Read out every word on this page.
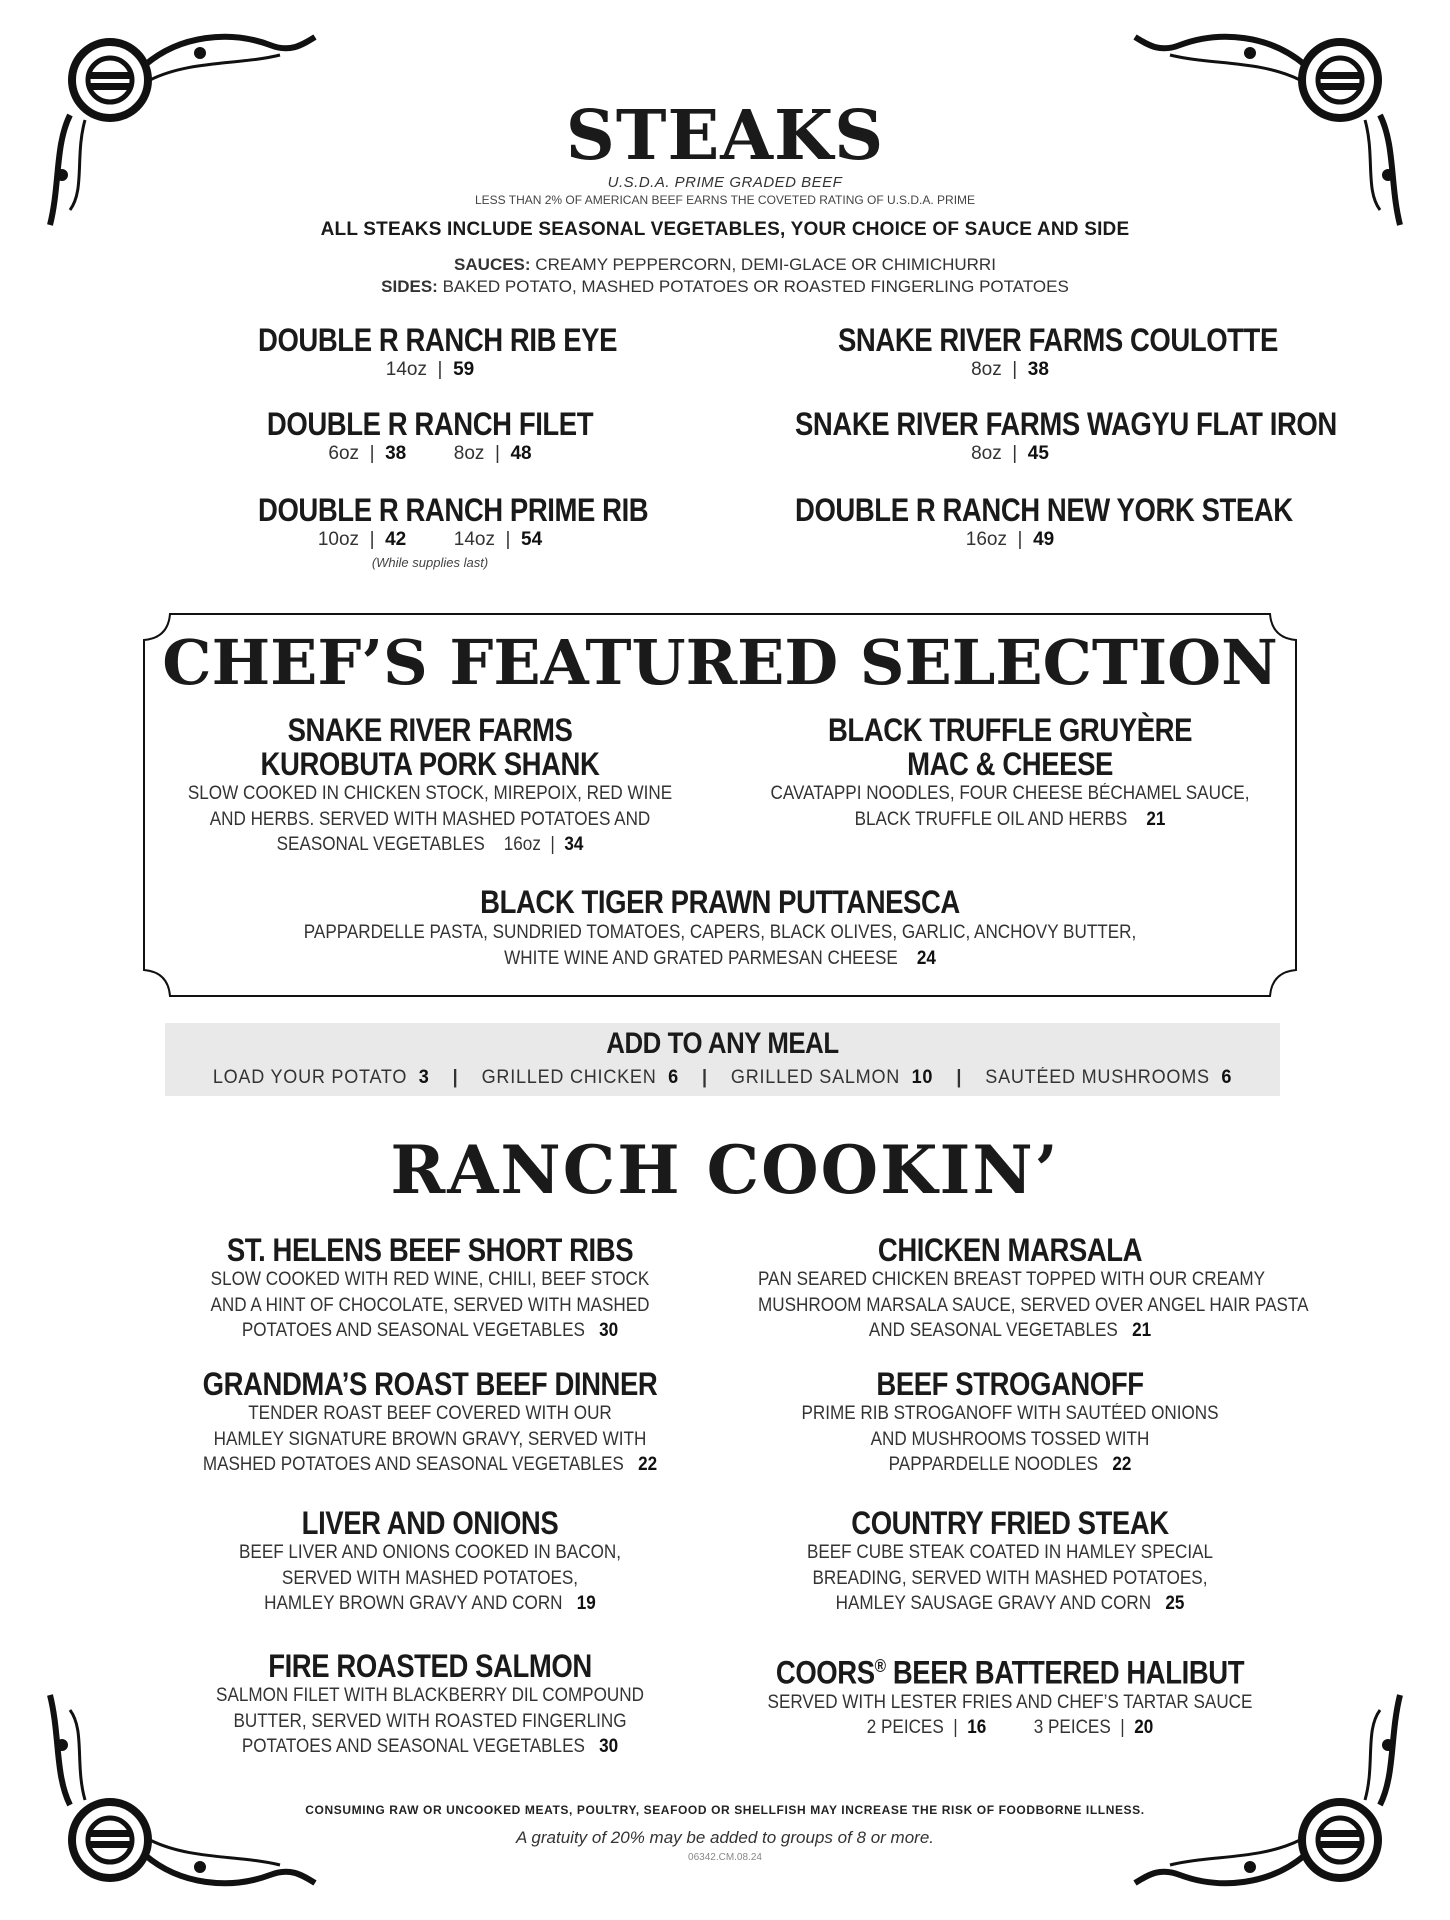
STEAKS
U.S.D.A. PRIME GRADED BEEF
LESS THAN 2% OF AMERICAN BEEF EARNS THE COVETED RATING OF U.S.D.A. PRIME
ALL STEAKS INCLUDE SEASONAL VEGETABLES, YOUR CHOICE OF SAUCE AND SIDE
SAUCES: CREAMY PEPPERCORN, DEMI-GLACE OR CHIMICHURRI
SIDES: BAKED POTATO, MASHED POTATOES OR ROASTED FINGERLING POTATOES
DOUBLE R RANCH RIB EYE
14oz  |  59
SNAKE RIVER FARMS COULOTTE
8oz  |  38
DOUBLE R RANCH FILET
6oz  |  38	8oz  |  48
SNAKE RIVER FARMS WAGYU FLAT IRON
8oz  |  45
DOUBLE R RANCH PRIME RIB
10oz  |  42	14oz  |  54
(While supplies last)
DOUBLE R RANCH NEW YORK STEAK
16oz  |  49
CHEF’S FEATURED SELECTION
SNAKE RIVER FARMS
KUROBUTA PORK SHANK
SLOW COOKED IN CHICKEN STOCK, MIREPOIX, RED WINE
AND HERBS. SERVED WITH MASHED POTATOES AND
SEASONAL VEGETABLES 16oz  |  34
BLACK TRUFFLE GRUYÈRE
MAC & CHEESE
CAVATAPPI NOODLES, FOUR CHEESE BÉCHAMEL SAUCE,
BLACK TRUFFLE OIL AND HERBS 21
BLACK TIGER PRAWN PUTTANESCA
PAPPARDELLE PASTA, SUNDRIED TOMATOES, CAPERS, BLACK OLIVES, GARLIC, ANCHOVY BUTTER,
WHITE WINE AND GRATED PARMESAN CHEESE 24
ADD TO ANY MEAL
LOAD YOUR POTATO 3 | GRILLED CHICKEN 6 | GRILLED SALMON 10 | SAUTÉED MUSHROOMS 6
RANCH COOKIN’
ST. HELENS BEEF SHORT RIBS
SLOW COOKED WITH RED WINE, CHILI, BEEF STOCK
AND A HINT OF CHOCOLATE, SERVED WITH MASHED
POTATOES AND SEASONAL VEGETABLES 30
CHICKEN MARSALA
PAN SEARED CHICKEN BREAST TOPPED WITH OUR CREAMY
MUSHROOM MARSALA SAUCE, SERVED OVER ANGEL HAIR PASTA
AND SEASONAL VEGETABLES 21
GRANDMA’S ROAST BEEF DINNER
TENDER ROAST BEEF COVERED WITH OUR
HAMLEY SIGNATURE BROWN GRAVY, SERVED WITH
MASHED POTATOES AND SEASONAL VEGETABLES 22
BEEF STROGANOFF
PRIME RIB STROGANOFF WITH SAUTÉED ONIONS
AND MUSHROOMS TOSSED WITH
PAPPARDELLE NOODLES 22
LIVER AND ONIONS
BEEF LIVER AND ONIONS COOKED IN BACON,
SERVED WITH MASHED POTATOES,
HAMLEY BROWN GRAVY AND CORN 19
COUNTRY FRIED STEAK
BEEF CUBE STEAK COATED IN HAMLEY SPECIAL
BREADING, SERVED WITH MASHED POTATOES,
HAMLEY SAUSAGE GRAVY AND CORN 25
FIRE ROASTED SALMON
SALMON FILET WITH BLACKBERRY DIL COMPOUND
BUTTER, SERVED WITH ROASTED FINGERLING
POTATOES AND SEASONAL VEGETABLES 30
COORS® BEER BATTERED HALIBUT
SERVED WITH LESTER FRIES AND CHEF’S TARTAR SAUCE
2 PEICES  |  16	3 PEICES  |  20
CONSUMING RAW OR UNCOOKED MEATS, POULTRY, SEAFOOD OR SHELLFISH MAY INCREASE THE RISK OF FOODBORNE ILLNESS.
A gratuity of 20% may be added to groups of 8 or more.
06342.CM.08.24
